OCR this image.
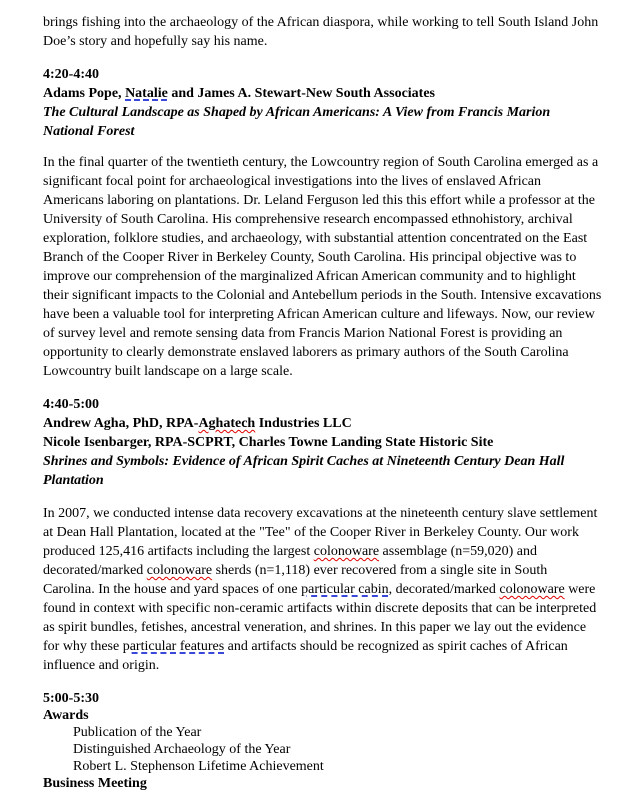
brings fishing into the archaeology of the African diaspora, while working to tell South Island John Doe’s story and hopefully say his name.

4:20-4:40

Adams Pope, Natalie and James A. Stewart-New South Associates

The Cultural Landscape as Shaped by African Americans: A View from Francis Marion National Forest

In the final quarter of the twentieth century, the Lowcountry region of South Carolina emerged as a significant focal point for archaeological investigations into the lives of enslaved African Americans laboring on plantations. Dr. Leland Ferguson led this this effort while a professor at the University of South Carolina. His comprehensive research encompassed ethnohistory, archival exploration, folklore studies, and archaeology, with substantial attention concentrated on the East Branch of the Cooper River in Berkeley County, South Carolina. His principal objective was to improve our comprehension of the marginalized African American community and to highlight their significant impacts to the Colonial and Antebellum periods in the South. Intensive excavations have been a valuable tool for interpreting African American culture and lifeways. Now, our review of survey level and remote sensing data from Francis Marion National Forest is providing an opportunity to clearly demonstrate enslaved laborers as primary authors of the South Carolina Lowcountry built landscape on a large scale.

4:40-5:00

Andrew Agha, PhD, RPA-Aghatech Industries LLC

Nicole Isenbarger, RPA-SCPRT, Charles Towne Landing State Historic Site

Shrines and Symbols: Evidence of African Spirit Caches at Nineteenth Century Dean Hall Plantation

In 2007, we conducted intense data recovery excavations at the nineteenth century slave settlement at Dean Hall Plantation, located at the "Tee" of the Cooper River in Berkeley County. Our work produced 125,416 artifacts including the largest colonoware assemblage (n=59,020) and decorated/marked colonoware sherds (n=1,118) ever recovered from a single site in South Carolina. In the house and yard spaces of one particular cabin, decorated/marked colonoware were found in context with specific non-ceramic artifacts within discrete deposits that can be interpreted as spirit bundles, fetishes, ancestral veneration, and shrines. In this paper we lay out the evidence for why these particular features and artifacts should be recognized as spirit caches of African influence and origin.

5:00-5:30

Awards

Publication of the Year

Distinguished Archaeology of the Year

Robert L. Stephenson Lifetime Achievement

Business Meeting
